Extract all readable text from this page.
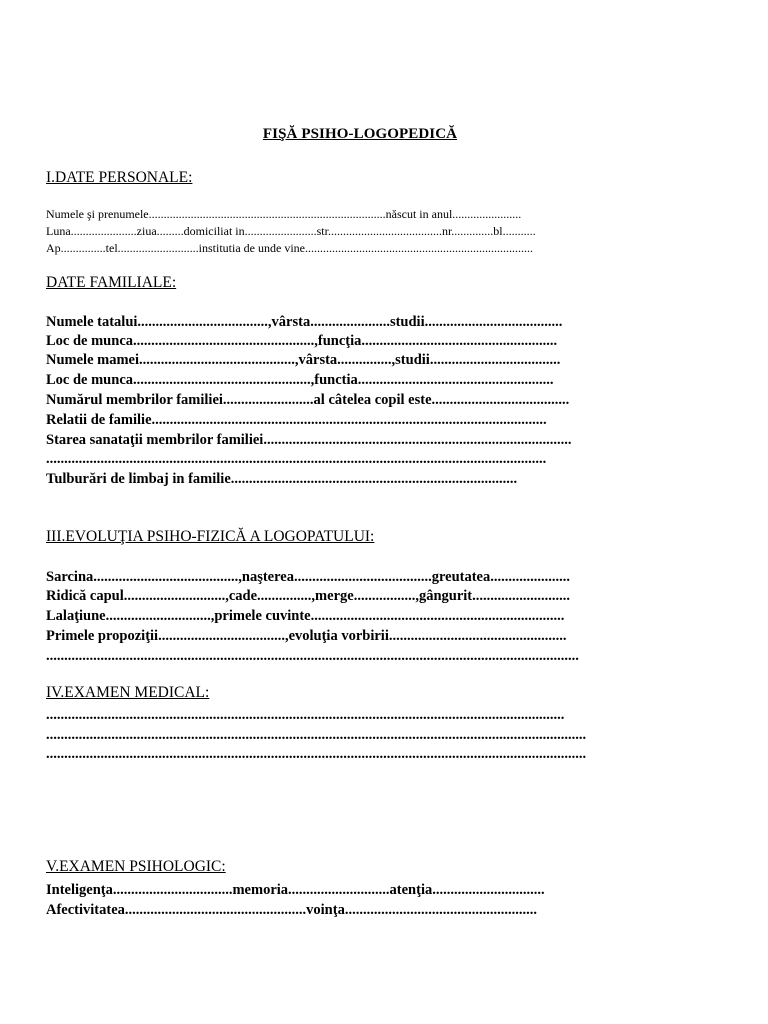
FIŞĂ PSIHO-LOGOPEDICĂ
I.DATE PERSONALE:
Numele şi prenumele...............................................................................născut in anul.......................
Luna......................ziua.........domiciliat in........................str......................................nr..............bl...........
Ap...............tel...........................institutia de unde vine............................................................................
DATE FAMILIALE:
Numele tatalui....................................,vârsta......................studii......................................
Loc de munca..................................................,funcţia......................................................
Numele mamei...........................................,vârsta...............,studii....................................
Loc de munca.................................................,functia......................................................
Numărul membrilor familiei.........................al câtelea copil este......................................
Relatii de familie.............................................................................................................
Starea sanataţii membrilor familiei.....................................................................................
..........................................................................................................................................
Tulburări de limbaj in familie...............................................................................
III.EVOLUŢIA PSIHO-FIZICĂ A LOGOPATULUI:
Sarcina........................................,naşterea......................................greutatea......................
Ridică capul............................,cade...............,merge.................,gângurit...........................
Lalaţiune.............................,primele cuvinte......................................................................
Primele propoziţii...................................,evoluţia vorbirii.................................................
...................................................................................................................................................
IV.EXAMEN MEDICAL:
...............................................................................................................................................
.....................................................................................................................................................
.....................................................................................................................................................
V.EXAMEN PSIHOLOGIC:
Inteligenţa.................................memoria............................atenţia...............................
Afectivitatea..................................................voinţa.....................................................
